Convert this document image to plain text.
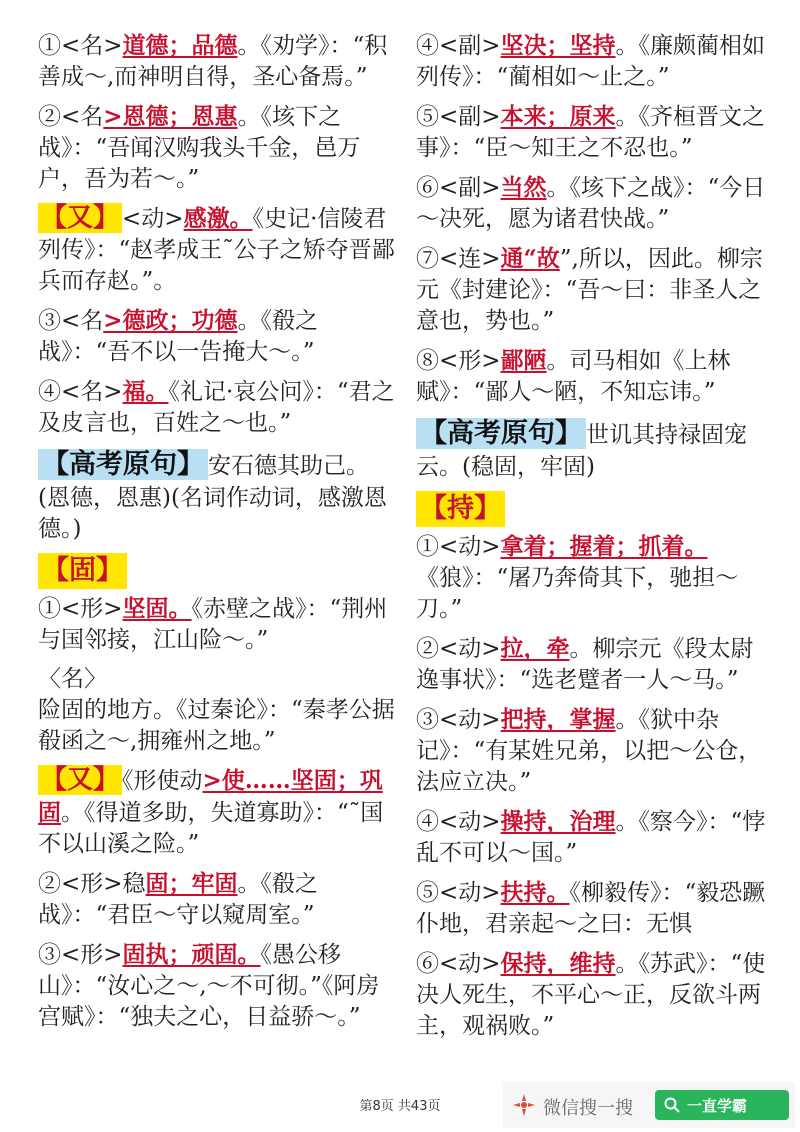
①<名>道德；品德。《劝学》：“积善成～,而神明自得，圣心备焉。”
②<名>恩德；恩惠。《垓下之战》：“吾闻汉购我头千金，邑万户，吾为若～。”
【又】 <动>感激。《史记·信陵君列传》：“赵孝成王˜公子之矫夺晋鄙兵而存赵。”。
③<名>德政；功德。《殽之战》：“吾不以一告掩大～。”
④<名>福。《礼记·哀公问》：“君之及皮言也，百姓之～也。”
【高考原句】 安石德其助己。(恩德，恩惠)(名词作动词，感激恩德。)
【固】
①<形>坚固。《赤壁之战》：“荆州与国邻接，江山险～。”
〈名〉
险固的地方。《过秦论》：“秦孝公据殽函之～,拥雍州之地。”
【又】 《形使动>使……坚固；巩固。《得道多助，失道寡助》：“˜国不以山溪之险。”
②<形>稳固；牢固。《殽之战》：“君臣～守以窥周室。”
③<形>固执；顽固。《愚公移山》：“汝心之～,～不可彻。”《阿房宫赋》：“独夫之心，日益骄～。”
④<副>坚决；坚持。《廉颇蔺相如列传》：“蔺相如～止之。”
⑤<副>本来；原来。《齐桓晋文之事》：“臣～知王之不忍也。”
⑥<副>当然。《垓下之战》：“今日～决死，愿为诸君快战。”
⑦<连>通“故”,所以，因此。柳宗元《封建论》：“吾～曰：非圣人之意也，势也。”
⑧<形>鄙陋。司马相如《上林赋》：“鄙人～陋，不知忘讳。”
【高考原句】 世讥其持禄固宠云。(稳固，牢固)
【持】
①<动>拿着；握着；抓着。《狼》：“屠乃奔倚其下，驰担～刀。”
②<动>拉，牵。柳宗元《段太尉逸事状》：“选老躄者一人～马。”
③<动>把持，掌握。《狱中杂记》：“有某姓兄弟，以把～公仓，法应立决。”
④<动>操持，治理。《察今》：“悖乱不可以～国。”
⑤<动>扶持。《柳毅传》：“毅恐蹶仆地，君亲起～之曰：无惧
⑥<动>保持，维持。《苏武》：“使决人死生，不平心～正，反欲斗两主，观祸败。”
第8页 共43页	微信搜一搜	一直学霸
